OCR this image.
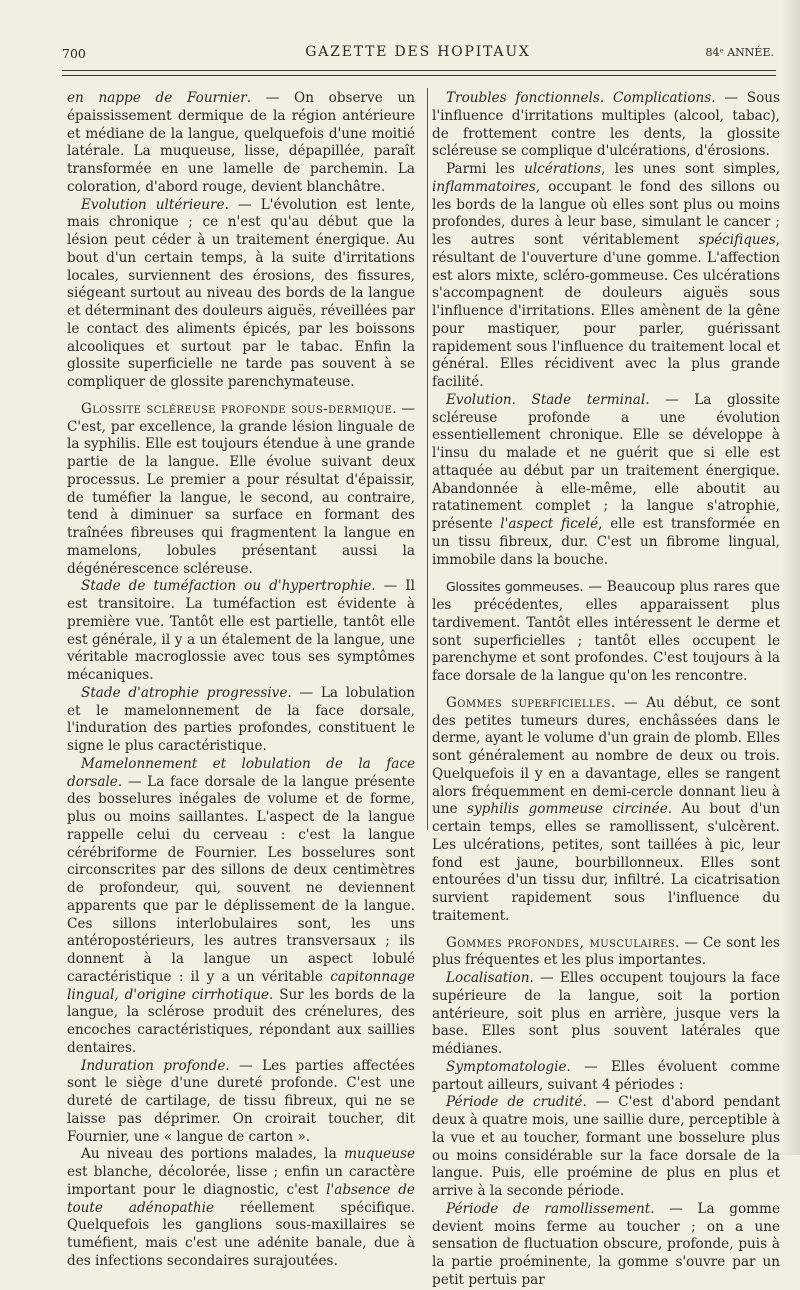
700	GAZETTE DES HOPITAUX	84ᵉ ANNÉE.

en nappe de Fournier. — On observe un épaississement dermique de la région antérieure et médiane de la langue, quelquefois d'une moitié latérale. La muqueuse, lisse, dépapillée, paraît transformée en une lamelle de parchemin. La coloration, d'abord rouge, devient blanchâtre.

Evolution ultérieure. — L'évolution est lente, mais chronique ; ce n'est qu'au début que la lésion peut céder à un traitement énergique. Au bout d'un certain temps, à la suite d'irritations locales, surviennent des érosions, des fissures, siégeant surtout au niveau des bords de la langue et déterminant des douleurs aiguës, réveillées par le contact des aliments épicés, par les boissons alcooliques et surtout par le tabac. Enfin la glossite superficielle ne tarde pas souvent à se compliquer de glossite parenchymateuse.

Glossite scléreuse profonde sous-dermique. — C'est, par excellence, la grande lésion linguale de la syphilis. Elle est toujours étendue à une grande partie de la langue. Elle évolue suivant deux processus. Le premier a pour résultat d'épaissir, de tuméfier la langue, le second, au contraire, tend à diminuer sa surface en formant des traînées fibreuses qui fragmentent la langue en mamelons, lobules présentant aussi la dégénérescence scléreuse.

Stade de tuméfaction ou d'hypertrophie. — Il est transitoire. La tuméfaction est évidente à première vue. Tantôt elle est partielle, tantôt elle est générale, il y a un étalement de la langue, une véritable macroglossie avec tous ses symptômes mécaniques.

Stade d'atrophie progressive. — La lobulation et le mamelonnement de la face dorsale, l'induration des parties profondes, constituent le signe le plus caractéristique.

Mamelonnement et lobulation de la face dorsale. — La face dorsale de la langue présente des bosselures inégales de volume et de forme, plus ou moins saillantes. L'aspect de la langue rappelle celui du cerveau : c'est la langue cérébriforme de Fournier. Les bosselures sont circonscrites par des sillons de deux centimètres de profondeur, qui, souvent ne deviennent apparents que par le déplissement de la langue. Ces sillons interlobulaires sont, les uns antéropostérieurs, les autres transversaux ; ils donnent à la langue un aspect lobulé caractéristique : il y a un véritable capitonnage lingual, d'origine cirrhotique. Sur les bords de la langue, la sclérose produit des crénelures, des encoches caractéristiques, répondant aux saillies dentaires.

Induration profonde. — Les parties affectées sont le siège d'une dureté profonde. C'est une dureté de cartilage, de tissu fibreux, qui ne se laisse pas déprimer. On croirait toucher, dit Fournier, une « langue de carton ».

Au niveau des portions malades, la muqueuse est blanche, décolorée, lisse ; enfin un caractère important pour le diagnostic, c'est l'absence de toute adénopathie réellement spécifique. Quelquefois les ganglions sous-maxillaires se tuméfient, mais c'est une adénite banale, due à des infections secondaires surajoutées.

Troubles fonctionnels. Complications. — Sous l'influence d'irritations multiples (alcool, tabac), de frottement contre les dents, la glossite scléreuse se complique d'ulcérations, d'érosions.

Parmi les ulcérations, les unes sont simples, inflammatoires, occupant le fond des sillons ou les bords de la langue où elles sont plus ou moins profondes, dures à leur base, simulant le cancer ; les autres sont véritablement spécifiques, résultant de l'ouverture d'une gomme. L'affection est alors mixte, scléro-gommeuse. Ces ulcérations s'accompagnent de douleurs aiguës sous l'influence d'irritations. Elles amènent de la gêne pour mastiquer, pour parler, guérissant rapidement sous l'influence du traitement local et général. Elles récidivent avec la plus grande facilité.

Evolution. Stade terminal. — La glossite scléreuse profonde a une évolution essentiellement chronique. Elle se développe à l'insu du malade et ne guérit que si elle est attaquée au début par un traitement énergique. Abandonnée à elle-même, elle aboutit au ratatinement complet ; la langue s'atrophie, présente l'aspect ficelé, elle est transformée en un tissu fibreux, dur. C'est un fibrome lingual, immobile dans la bouche.

Glossites gommeuses. — Beaucoup plus rares que les précédentes, elles apparaissent plus tardivement. Tantôt elles intéressent le derme et sont superficielles ; tantôt elles occupent le parenchyme et sont profondes. C'est toujours à la face dorsale de la langue qu'on les rencontre.

Gommes superficielles. — Au début, ce sont des petites tumeurs dures, enchâssées dans le derme, ayant le volume d'un grain de plomb. Elles sont généralement au nombre de deux ou trois. Quelquefois il y en a davantage, elles se rangent alors fréquemment en demi-cercle donnant lieu à une syphilis gommeuse circinée. Au bout d'un certain temps, elles se ramollissent, s'ulcèrent. Les ulcérations, petites, sont taillées à pic, leur fond est jaune, bourbillonneux. Elles sont entourées d'un tissu dur, infiltré. La cicatrisation survient rapidement sous l'influence du traitement.

Gommes profondes, musculaires. — Ce sont les plus fréquentes et les plus importantes.

Localisation. — Elles occupent toujours la face supérieure de la langue, soit la portion antérieure, soit plus en arrière, jusque vers la base. Elles sont plus souvent latérales que médianes.

Symptomatologie. — Elles évoluent comme partout ailleurs, suivant 4 périodes :

Période de crudité. — C'est d'abord pendant deux à quatre mois, une saillie dure, perceptible à la vue et au toucher, formant une bosselure plus ou moins considérable sur la face dorsale de la langue. Puis, elle proémine de plus en plus et arrive à la seconde période.

Période de ramollissement. — La gomme devient moins ferme au toucher ; on a une sensation de fluctuation obscure, profonde, puis à la partie proéminente, la gomme s'ouvre par un petit pertuis par
